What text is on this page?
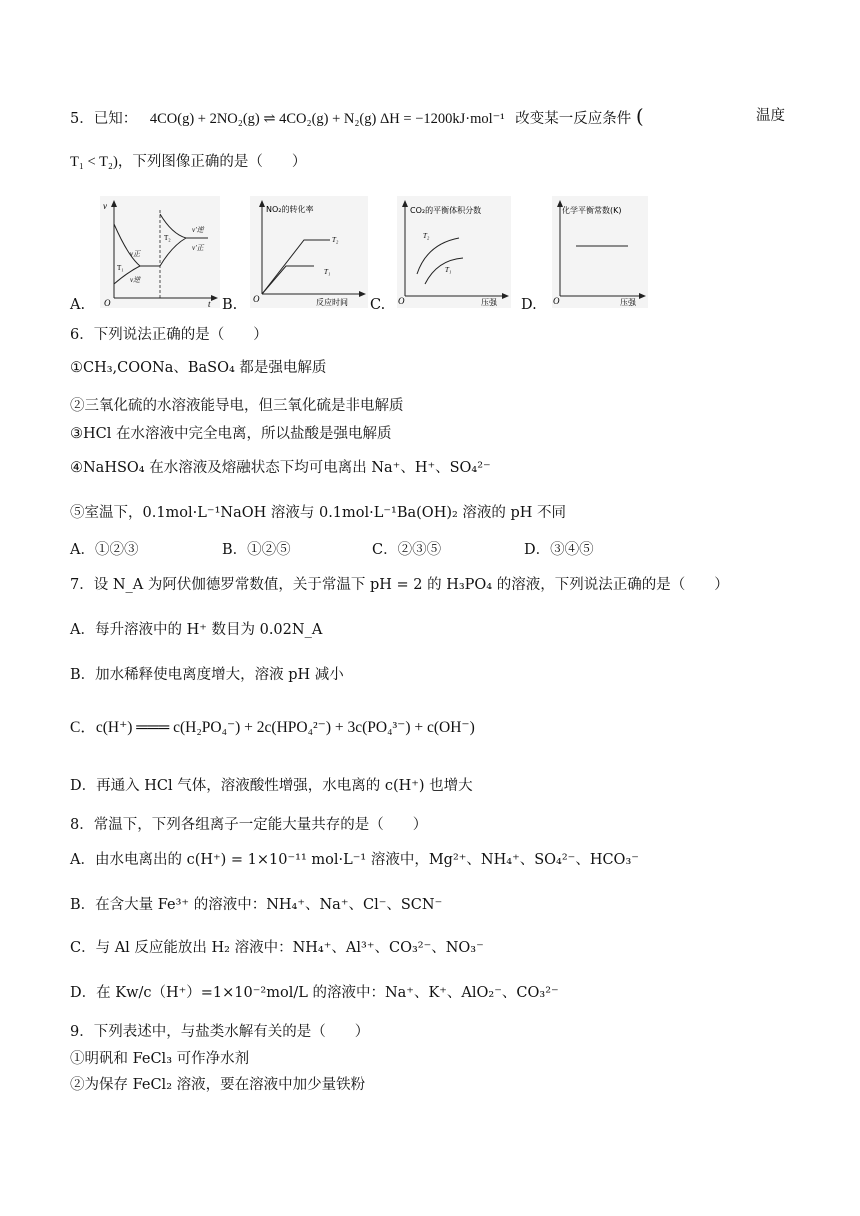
5．已知： 4CO(g) + 2NO₂(g) ⇌ 4CO₂(g) + N₂(g) ΔH = −1200kJ·mol⁻¹ 改变某一反应条件 (	温度
T₁ < T₂)，下列图像正确的是（　　）
A.
v
O	t
T₁
T₂
v正
v逆
v′逆
v′正
B.
NO₂的转化率
T₂
T₁
O	反应时间 C.
CO₂的平衡体积分数
T₂
T₁
O	压强 D.
化学平衡常数(K)
O	压强
6．下列说法正确的是（　　）
①CH₃,COONa、BaSO₄ 都是强电解质
②三氧化硫的水溶液能导电，但三氧化硫是非电解质
③HCl 在水溶液中完全电离，所以盐酸是强电解质
④NaHSO₄ 在水溶液及熔融状态下均可电离出 Na⁺、H⁺、SO₄²⁻
⑤室温下，0.1mol·L⁻¹NaOH 溶液与 0.1mol·L⁻¹Ba(OH)₂ 溶液的 pH 不同
A．①②③	B．①②⑤	C．②③⑤	D．③④⑤
7．设 N_A 为阿伏伽德罗常数值，关于常温下 pH = 2 的 H₃PO₄ 的溶液，下列说法正确的是（　　）
A．每升溶液中的 H⁺ 数目为 0.02N_A
B．加水稀释使电离度增大，溶液 pH 减小
C．c(H⁺) ═══ c(H₂PO₄⁻) + 2c(HPO₄²⁻) + 3c(PO₄³⁻) + c(OH⁻)
D．再通入 HCl 气体，溶液酸性增强，水电离的 c(H⁺) 也增大
8．常温下，下列各组离子一定能大量共存的是（　　）
A．由水电离出的 c(H⁺) = 1×10⁻¹¹ mol·L⁻¹ 溶液中，Mg²⁺、NH₄⁺、SO₄²⁻、HCO₃⁻
B．在含大量 Fe³⁺ 的溶液中：NH₄⁺、Na⁺、Cl⁻、SCN⁻
C．与 Al 反应能放出 H₂ 溶液中：NH₄⁺、Al³⁺、CO₃²⁻、NO₃⁻
D．在 Kw/c（H⁺）=1×10⁻²mol/L 的溶液中：Na⁺、K⁺、AlO₂⁻、CO₃²⁻
9．下列表述中，与盐类水解有关的是（　　）
①明矾和 FeCl₃ 可作净水剂
②为保存 FeCl₂ 溶液，要在溶液中加少量铁粉
